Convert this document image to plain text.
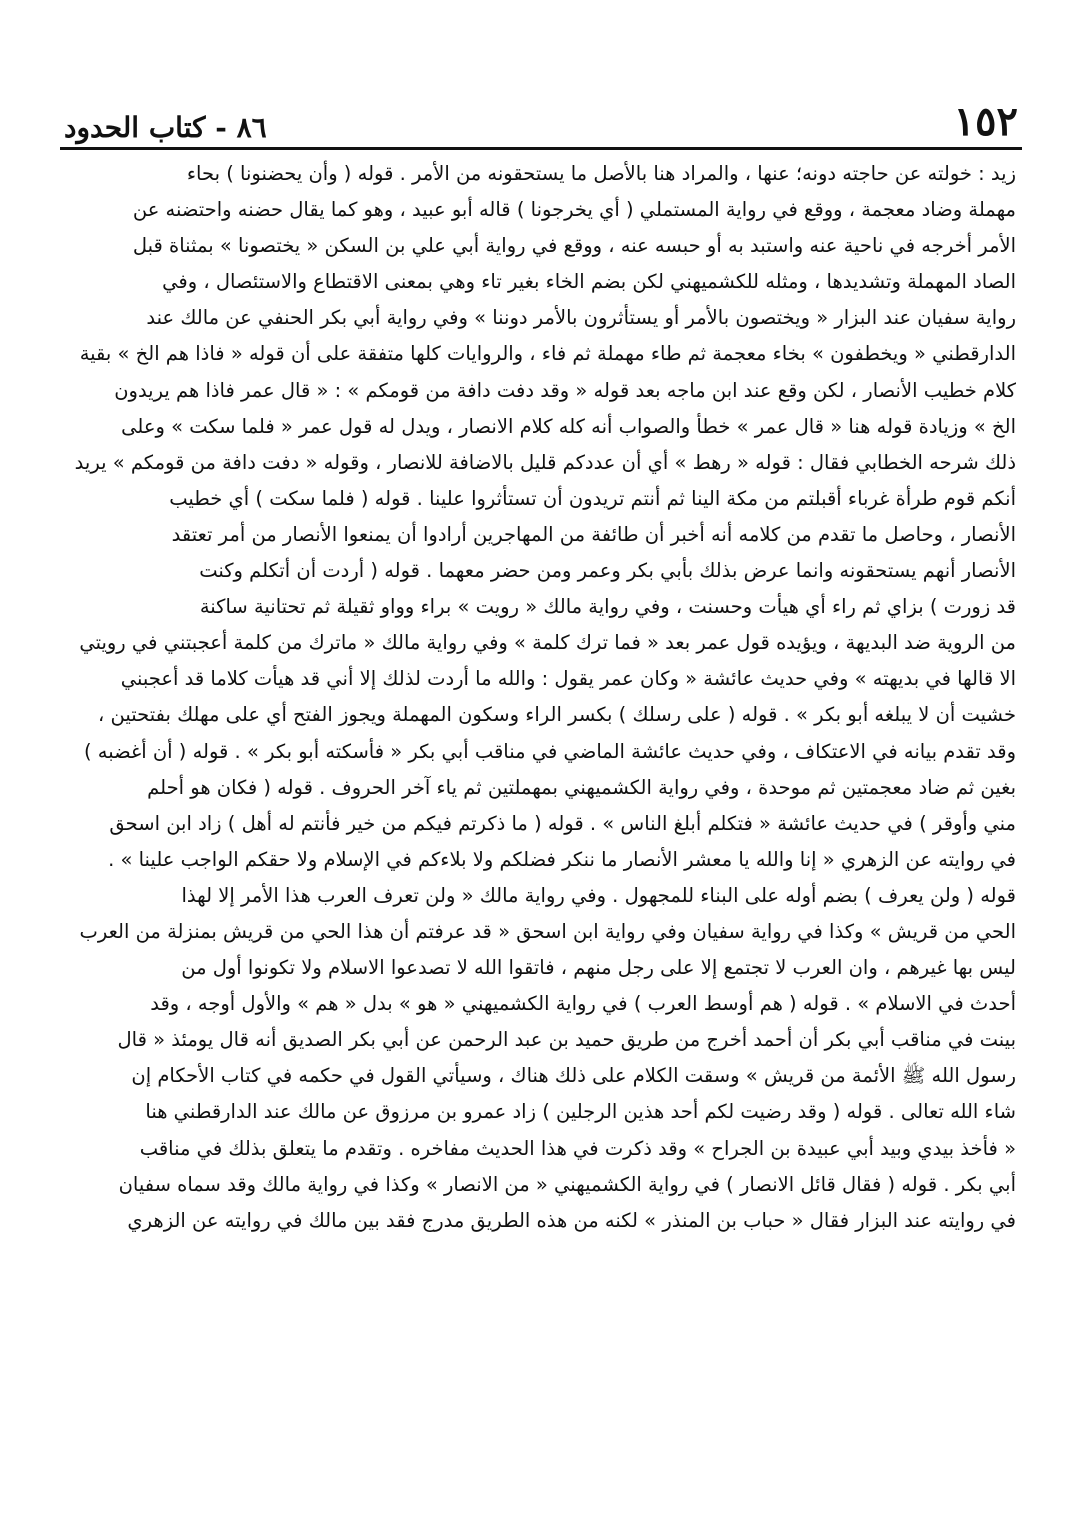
١٥٢
٨٦ - كتاب الحدود
زيد : خولته عن حاجته دونه؛ عنها ، والمراد هنا بالأصل ما يستحقونه من الأمر . قوله ( وأن يحضنونا ) بحاء
مهملة وضاد معجمة ، ووقع في رواية المستملي ( أي يخرجونا ) قاله أبو عبيد ، وهو كما يقال حضنه واحتضنه عن
الأمر أخرجه في ناحية عنه واستبد به أو حبسه عنه ، ووقع في رواية أبي علي بن السكن « يختصونا » بمثناة قبل
الصاد المهملة وتشديدها ، ومثله للكشميهني لكن بضم الخاء بغير تاء وهي بمعنى الاقتطاع والاستئصال ، وفي
رواية سفيان عند البزار « ويختصون بالأمر أو يستأثرون بالأمر دوننا » وفي رواية أبي بكر الحنفي عن مالك عند
الدارقطني « ويخطفون » بخاء معجمة ثم طاء مهملة ثم فاء ، والروايات كلها متفقة على أن قوله « فاذا هم الخ » بقية
كلام خطيب الأنصار ، لكن وقع عند ابن ماجه بعد قوله « وقد دفت دافة من قومكم » : « قال عمر فاذا هم يريدون
الخ » وزيادة قوله هنا « قال عمر » خطأ والصواب أنه كله كلام الانصار ، ويدل له قول عمر « فلما سكت » وعلى
ذلك شرحه الخطابي فقال : قوله « رهط » أي أن عددكم قليل بالاضافة للانصار ، وقوله « دفت دافة من قومكم » يريد
أنكم قوم طرأة غرباء أقبلتم من مكة الينا ثم أنتم تريدون أن تستأثروا علينا . قوله ( فلما سكت ) أي خطيب
الأنصار ، وحاصل ما تقدم من كلامه أنه أخبر أن طائفة من المهاجرين أرادوا أن يمنعوا الأنصار من أمر تعتقد
الأنصار أنهم يستحقونه وانما عرض بذلك بأبي بكر وعمر ومن حضر معهما . قوله ( أردت أن أتكلم وكنت
قد زورت ) بزاي ثم راء أي هيأت وحسنت ، وفي رواية مالك « رويت » براء وواو ثقيلة ثم تحتانية ساكنة
من الروية ضد البديهة ، ويؤيده قول عمر بعد « فما ترك كلمة » وفي رواية مالك « ماترك من كلمة أعجبتني في رويتي
الا قالها في بديهته » وفي حديث عائشة « وكان عمر يقول : والله ما أردت لذلك إلا أني قد هيأت كلاما قد أعجبني
خشيت أن لا يبلغه أبو بكر » . قوله ( على رسلك ) بكسر الراء وسكون المهملة ويجوز الفتح أي على مهلك بفتحتين ،
وقد تقدم بيانه في الاعتكاف ، وفي حديث عائشة الماضي في مناقب أبي بكر « فأسكته أبو بكر » . قوله ( أن أغضبه )
بغين ثم ضاد معجمتين ثم موحدة ، وفي رواية الكشميهني بمهملتين ثم ياء آخر الحروف . قوله ( فكان هو أحلم
مني وأوقر ) في حديث عائشة « فتكلم أبلغ الناس » . قوله ( ما ذكرتم فيكم من خير فأنتم له أهل ) زاد ابن اسحق
في روايته عن الزهري « إنا والله يا معشر الأنصار ما ننكر فضلكم ولا بلاءكم في الإسلام ولا حقكم الواجب علينا » .
قوله ( ولن يعرف ) بضم أوله على البناء للمجهول . وفي رواية مالك « ولن تعرف العرب هذا الأمر إلا لهذا
الحي من قريش » وكذا في رواية سفيان وفي رواية ابن اسحق « قد عرفتم أن هذا الحي من قريش بمنزلة من العرب
ليس بها غيرهم ، وان العرب لا تجتمع إلا على رجل منهم ، فاتقوا الله لا تصدعوا الاسلام ولا تكونوا أول من
أحدث في الاسلام » . قوله ( هم أوسط العرب ) في رواية الكشميهني « هو » بدل « هم » والأول أوجه ، وقد
بينت في مناقب أبي بكر أن أحمد أخرج من طريق حميد بن عبد الرحمن عن أبي بكر الصديق أنه قال يومئذ « قال
رسول الله ﷺ الأئمة من قريش » وسقت الكلام على ذلك هناك ، وسيأتي القول في حكمه في كتاب الأحكام إن
شاء الله تعالى . قوله ( وقد رضيت لكم أحد هذين الرجلين ) زاد عمرو بن مرزوق عن مالك عند الدارقطني هنا
« فأخذ بيدي وبيد أبي عبيدة بن الجراح » وقد ذكرت في هذا الحديث مفاخره . وتقدم ما يتعلق بذلك في مناقب
أبي بكر . قوله ( فقال قائل الانصار ) في رواية الكشميهني « من الانصار » وكذا في رواية مالك وقد سماه سفيان
في روايته عند البزار فقال « حباب بن المنذر » لكنه من هذه الطريق مدرج فقد بين مالك في روايته عن الزهري
